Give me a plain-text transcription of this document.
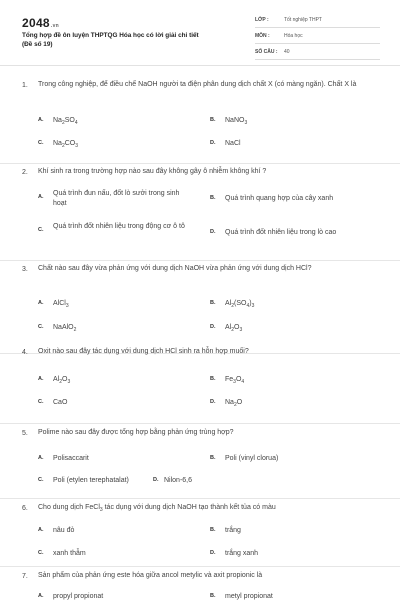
2048.vn
Tổng hợp đề ôn luyện THPTQG Hóa học có lời giải chi tiết
(Đề số 19)
LỚP :	Tốt nghiệp THPT
MÔN :	Hóa học
SỐ CÂU : 40
1. Trong công nghiệp, để điều chế NaOH người ta điện phân dung dịch chất X (có màng ngăn). Chất X là
A. $Na_2SO_4$	B. NaNO$_3$
C. $Na_2CO_3$	D. NaCl
2. Khí sinh ra trong trường hợp nào sau đây không gây ô nhiễm không khí ?
A. Quá trình đun nấu, đốt lò sưởi trong sinh hoạt
B. Quá trình quang hợp của cây xanh
C. Quá trình đốt nhiên liệu trong động cơ ô tô
D. Quá trình đốt nhiên liệu trong lò cao
3. Chất nào sau đây vừa phản ứng với dung dịch NaOH vừa phản ứng với dung dịch HCl?
A. AlCl$_3$	B. $Al_2(SO_4)_3$
C. NaAlO$_2$	D. $Al_2O_3$
4. Oxit nào sau đây tác dụng với dung dịch HCl sinh ra hỗn hợp muối?
A. $Al_2O_3$	B. $Fe_3O_4$
C. CaO	D. $Na_2O$
5. Polime nào sau đây được tổng hợp bằng phản ứng trùng hợp?
A. Polisaccarit	B. Poli (vinyl clorua)
C. Poli (etylen terephatalat)	D. Nilon-6,6
6. Cho dung dịch FeCl$_3$ tác dụng với dung dịch NaOH tạo thành kết tủa có màu
A. nâu đỏ	B. trắng
C. xanh thẫm	D. trắng xanh
7. Sản phẩm của phản ứng este hóa giữa ancol metylic và axit propionic là
A. propyl propionat	B. metyl propionat
